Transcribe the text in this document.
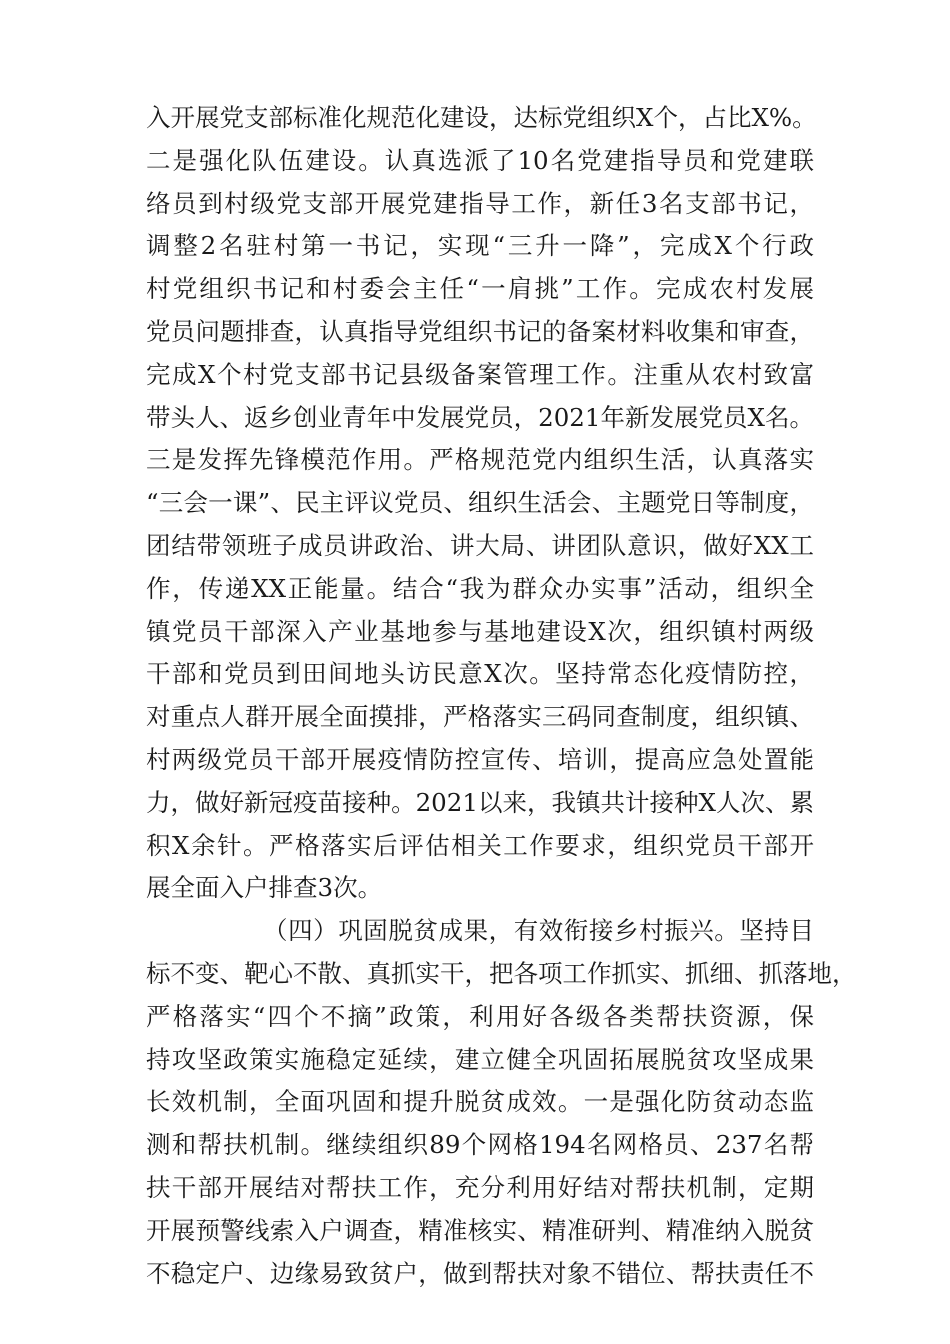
入开展党支部标准化规范化建设，达标党组织X个，占比X%。
二是强化队伍建设。认真选派了10名党建指导员和党建联
络员到村级党支部开展党建指导工作，新任3名支部书记，
调整2名驻村第一书记，实现“三升一降”，完成X个行政
村党组织书记和村委会主任“一肩挑”工作。完成农村发展
党员问题排查，认真指导党组织书记的备案材料收集和审查，
完成X个村党支部书记县级备案管理工作。注重从农村致富
带头人、返乡创业青年中发展党员，2021年新发展党员X名。
三是发挥先锋模范作用。严格规范党内组织生活，认真落实
“三会一课”、民主评议党员、组织生活会、主题党日等制度，
团结带领班子成员讲政治、讲大局、讲团队意识，做好XX工
作，传递XX正能量。结合“我为群众办实事”活动，组织全
镇党员干部深入产业基地参与基地建设X次，组织镇村两级
干部和党员到田间地头访民意X次。坚持常态化疫情防控，
对重点人群开展全面摸排，严格落实三码同查制度，组织镇、
村两级党员干部开展疫情防控宣传、培训，提高应急处置能
力，做好新冠疫苗接种。2021以来，我镇共计接种X人次、累
积X余针。严格落实后评估相关工作要求，组织党员干部开
展全面入户排查3次。
（四）巩固脱贫成果，有效衔接乡村振兴。坚持目
标不变、靶心不散、真抓实干，把各项工作抓实、抓细、抓落地，
严格落实“四个不摘”政策，利用好各级各类帮扶资源，保
持攻坚政策实施稳定延续，建立健全巩固拓展脱贫攻坚成果
长效机制，全面巩固和提升脱贫成效。一是强化防贫动态监
测和帮扶机制。继续组织89个网格194名网格员、237名帮
扶干部开展结对帮扶工作，充分利用好结对帮扶机制，定期
开展预警线索入户调查，精准核实、精准研判、精准纳入脱贫
不稳定户、边缘易致贫户，做到帮扶对象不错位、帮扶责任不
